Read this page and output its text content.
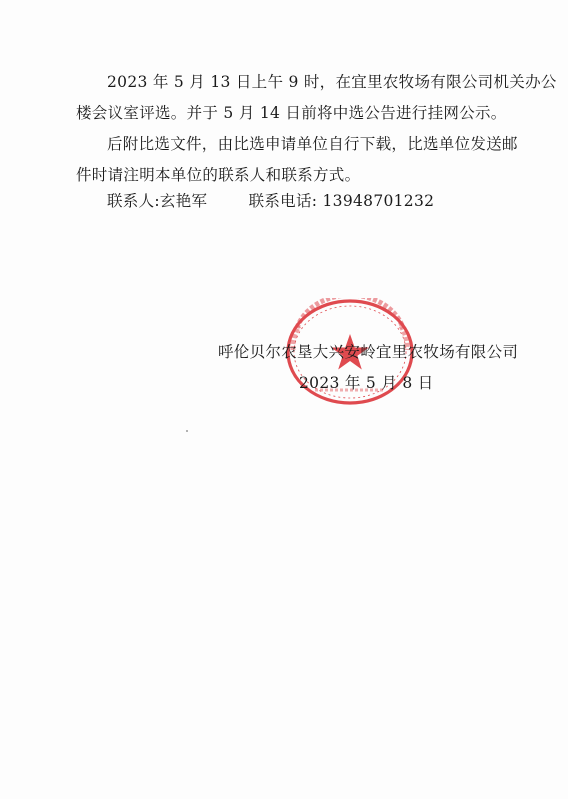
2023 年 5 月 13 日上午 9 时，在宜里农牧场有限公司机关办公
楼会议室评选。并于 5 月 14 日前将中选公告进行挂网公示。
后附比选文件，由比选申请单位自行下载，比选单位发送邮
件时请注明本单位的联系人和联系方式。
联系人:玄艳军	联系电话: 13948701232
呼伦贝尔农垦大兴安岭宜里农牧场有限公司
2023 年 5 月 8 日
